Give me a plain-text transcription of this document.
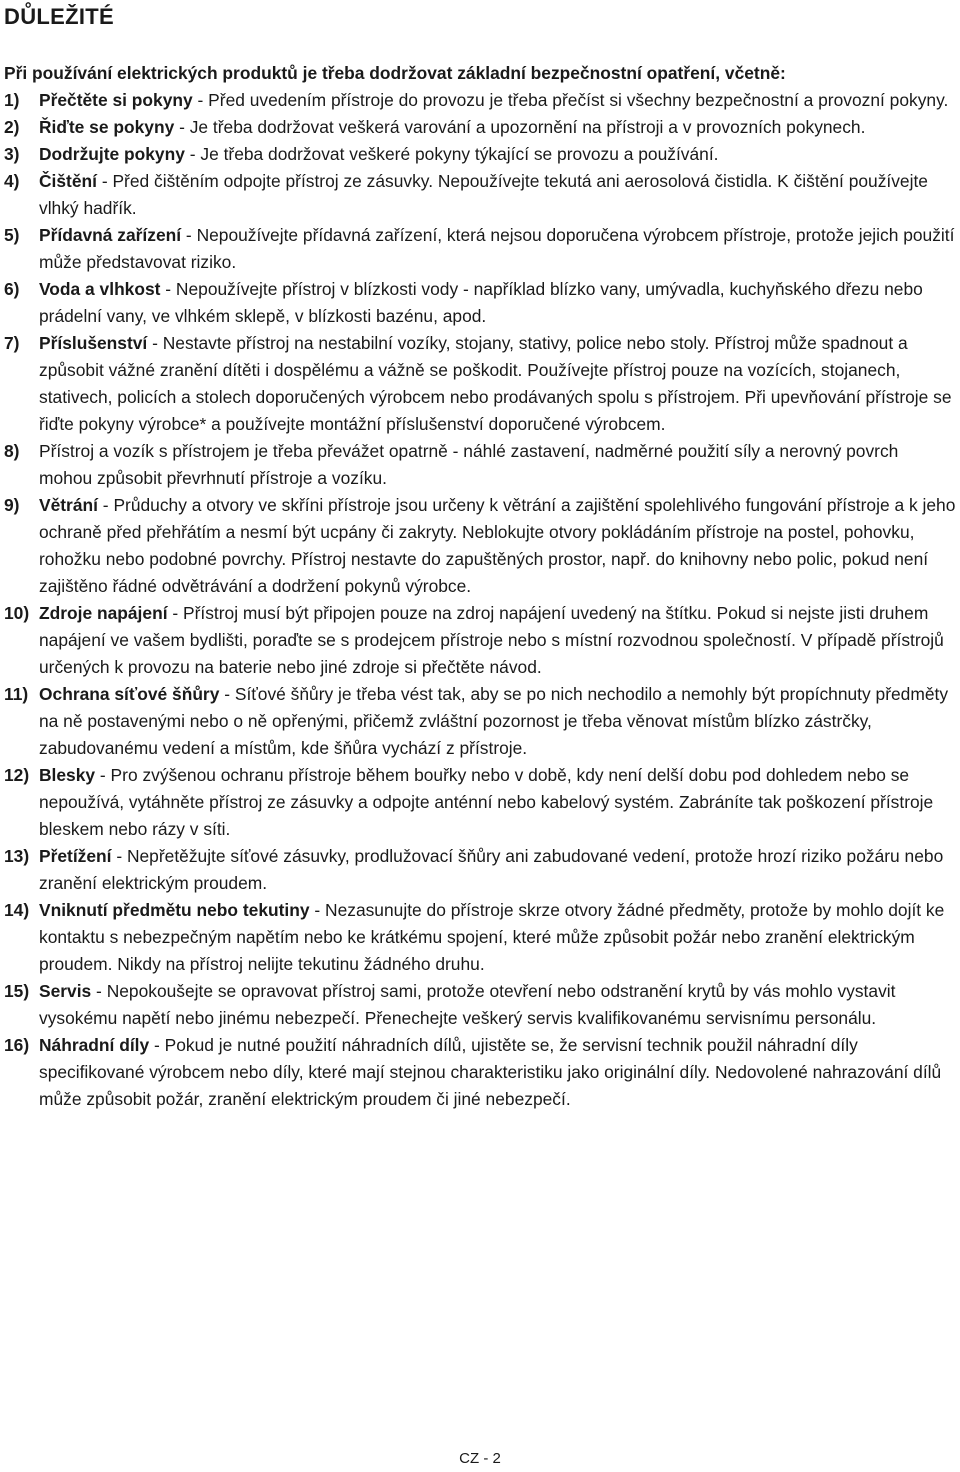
DŮLEŽITÉ

Při používání elektrických produktů je třeba dodržovat základní bezpečnostní opatření, včetně:

1)	Přečtěte si pokyny - Před uvedením přístroje do provozu je třeba přečíst si všechny bezpečnostní a provozní pokyny.
2)	Řiďte se pokyny - Je třeba dodržovat veškerá varování a upozornění na přístroji a v provozních pokynech.
3)	Dodržujte pokyny - Je třeba dodržovat veškeré pokyny týkající se provozu a používání.
4)	Čištění - Před čištěním odpojte přístroj ze zásuvky. Nepoužívejte tekutá ani aerosolová čistidla. K čištění používejte vlhký hadřík.
5)	Přídavná zařízení - Nepoužívejte přídavná zařízení, která nejsou doporučena výrobcem přístroje, protože jejich použití může představovat riziko.
6)	Voda a vlhkost - Nepoužívejte přístroj v blízkosti vody - například blízko vany, umývadla, kuchyňského dřezu nebo prádelní vany, ve vlhkém sklepě, v blízkosti bazénu, apod.
7)	Příslušenství - Nestavte přístroj na nestabilní vozíky, stojany, stativy, police nebo stoly. Přístroj může spadnout a způsobit vážné zranění dítěti i dospělému a vážně se poškodit. Používejte přístroj pouze na vozících, stojanech, stativech, policích a stolech doporučených výrobcem nebo prodávaných spolu s přístrojem. Při upevňování přístroje se řiďte pokyny výrobce* a používejte montážní příslušenství doporučené výrobcem.
8)	Přístroj a vozík s přístrojem je třeba převážet opatrně - náhlé zastavení, nadměrné použití síly a nerovný povrch mohou způsobit převrhnutí přístroje a vozíku.
9)	Větrání - Průduchy a otvory ve skříni přístroje jsou určeny k větrání a zajištění spolehlivého fungování přístroje a k jeho ochraně před přehřátím a nesmí být ucpány či zakryty. Neblokujte otvory pokládáním přístroje na postel, pohovku, rohožku nebo podobné povrchy. Přístroj nestavte do zapuštěných prostor, např. do knihovny nebo polic, pokud není zajištěno řádné odvětrávání a dodržení pokynů výrobce.
10) Zdroje napájení - Přístroj musí být připojen pouze na zdroj napájení uvedený na štítku. Pokud si nejste jisti druhem napájení ve vašem bydlišti, poraďte se s prodejcem přístroje nebo s místní rozvodnou společností. V případě přístrojů určených k provozu na baterie nebo jiné zdroje si přečtěte návod.
11) Ochrana síťové šňůry - Síťové šňůry je třeba vést tak, aby se po nich nechodilo a nemohly být propíchnuty předměty na ně postavenými nebo o ně opřenými, přičemž zvláštní pozornost je třeba věnovat místům blízko zástrčky, zabudovanému vedení a místům, kde šňůra vychází z přístroje.
12) Blesky - Pro zvýšenou ochranu přístroje během bouřky nebo v době, kdy není delší dobu pod dohledem nebo se nepoužívá, vytáhněte přístroj ze zásuvky a odpojte anténní nebo kabelový systém. Zabráníte tak poškození přístroje bleskem nebo rázy v síti.
13) Přetížení - Nepřetěžujte síťové zásuvky, prodlužovací šňůry ani zabudované vedení, protože hrozí riziko požáru nebo zranění elektrickým proudem.
14) Vniknutí předmětu nebo tekutiny - Nezasunujte do přístroje skrze otvory žádné předměty, protože by mohlo dojít ke kontaktu s nebezpečným napětím nebo ke krátkému spojení, které může způsobit požár nebo zranění elektrickým proudem. Nikdy na přístroj nelijte tekutinu žádného druhu.
15) Servis - Nepokoušejte se opravovat přístroj sami, protože otevření nebo odstranění krytů by vás mohlo vystavit vysokému napětí nebo jinému nebezpečí. Přenechejte veškerý servis kvalifikovanému servisnímu personálu.
16) Náhradní díly - Pokud je nutné použití náhradních dílů, ujistěte se, že servisní technik použil náhradní díly specifikované výrobcem nebo díly, které mají stejnou charakteristiku jako originální díly. Nedovolené nahrazování dílů může způsobit požár, zranění elektrickým proudem či jiné nebezpečí.
CZ - 2
